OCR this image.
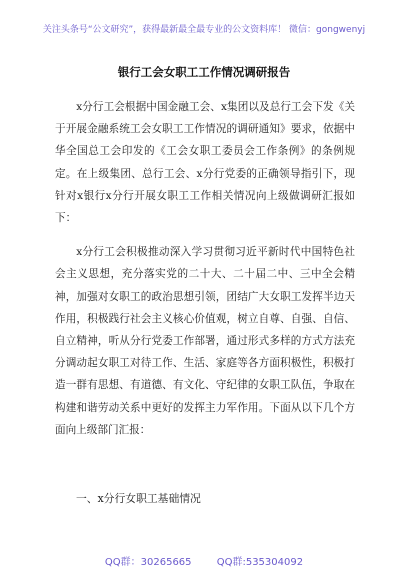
关注头条号“公文研究”，获得最新最全最专业的公文资料库！ 微信：gongwenyj
银行工会女职工工作情况调研报告

x分行工会根据中国金融工会、x集团以及总行工会下发《关于开展金融系统工会女职工工作情况的调研通知》要求，依据中华全国总工会印发的《工会女职工委员会工作条例》的条例规定。在上级集团、总行工会、x分行党委的正确领导指引下，现针对x银行x分行开展女职工工作相关情况向上级做调研汇报如下：

x分行工会积极推动深入学习贯彻习近平新时代中国特色社会主义思想，充分落实党的二十大、二十届二中、三中全会精神，加强对女职工的政治思想引领，团结广大女职工发挥半边天作用，积极践行社会主义核心价值观，树立自尊、自强、自信、自立精神，听从分行党委工作部署，通过形式多样的方式方法充分调动起女职工对待工作、生活、家庭等各方面积极性，积极打造一群有思想、有道德、有文化、守纪律的女职工队伍，争取在构建和谐劳动关系中更好的发挥主力军作用。下面从以下几个方面向上级部门汇报：

一、x分行女职工基础情况
QQ群：30265665	QQ群:535304092
